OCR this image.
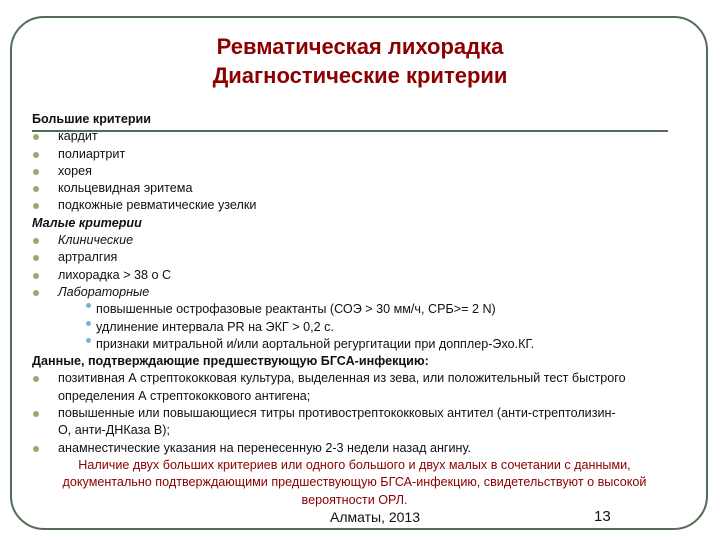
Ревматическая лихорадка
Диагностические критерии
Большие критерии
кардит
полиартрит
хорея
кольцевидная эритема
подкожные ревматические узелки
Малые критерии
Клинические
артралгия
лихорадка > 38 о С
Лабораторные
повышенные острофазовые реактанты (СОЭ > 30 мм/ч, СРБ>= 2 N)
удлинение интервала PR на ЭКГ > 0,2 с.
признаки митральной и/или аортальной регургитации при допплер-Эхо.КГ.
Данные, подтверждающие предшествующую БГСА-инфекцию:
позитивная А стрептококковая культура, выделенная из зева, или положительный тест быстрого
определения А стрептококкового антигена;
повышенные или повышающиеся титры противострептококковых антител (анти-стрептолизин-
О, анти-ДНКаза В);
анамнестические указания на перенесенную 2-3 недели назад ангину.
Наличие двух больших критериев или одного большого и двух малых в сочетании с данными, документально подтверждающими предшествующую БГСА-инфекцию, свидетельствуют о высокой вероятности ОРЛ.
Алматы, 2013	13
